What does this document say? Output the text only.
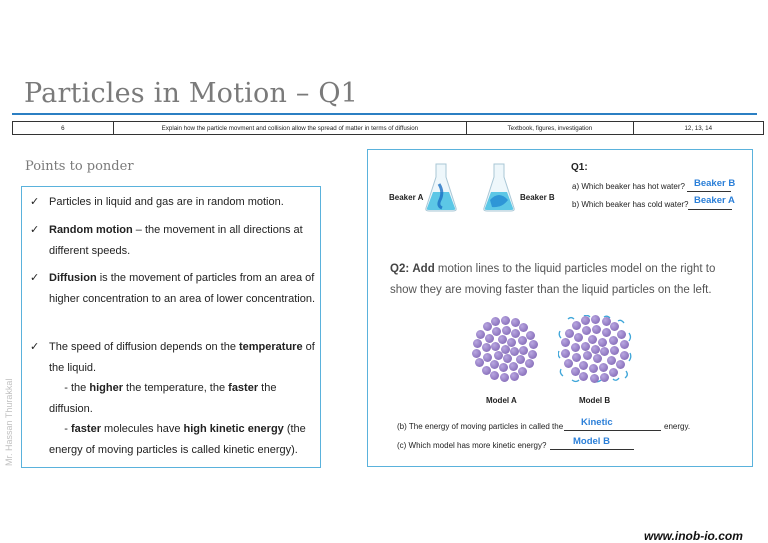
Particles in Motion – Q1
6	Explain how the particle movment and collision allow the spread of matter in terms of diffusion	Textbook, figures, investigation	12, 13, 14
Points to ponder
✓ Particles in liquid and gas are in random motion.
✓ Random motion – the movement in all directions at different speeds.
✓ Diffusion is the movement of particles from an area of higher concentration to an area of lower concentration.
✓ The speed of diffusion depends on the temperature of the liquid.
- the higher the temperature, the faster the diffusion.
- faster molecules have high kinetic energy (the energy of moving particles is called kinetic energy).
Mr. Hassan Thurakkal
Beaker A	Beaker B
Q1:
a) Which beaker has hot water? Beaker B
b) Which beaker has cold water? Beaker A
Q2: Add motion lines to the liquid particles model on the right to
show they are moving faster than the liquid particles on the left.
Model A	Model B
(b) The energy of moving particles in called the Kinetic	energy.
(c) Which model has more kinetic energy?	Model B
www.inob-io.com
